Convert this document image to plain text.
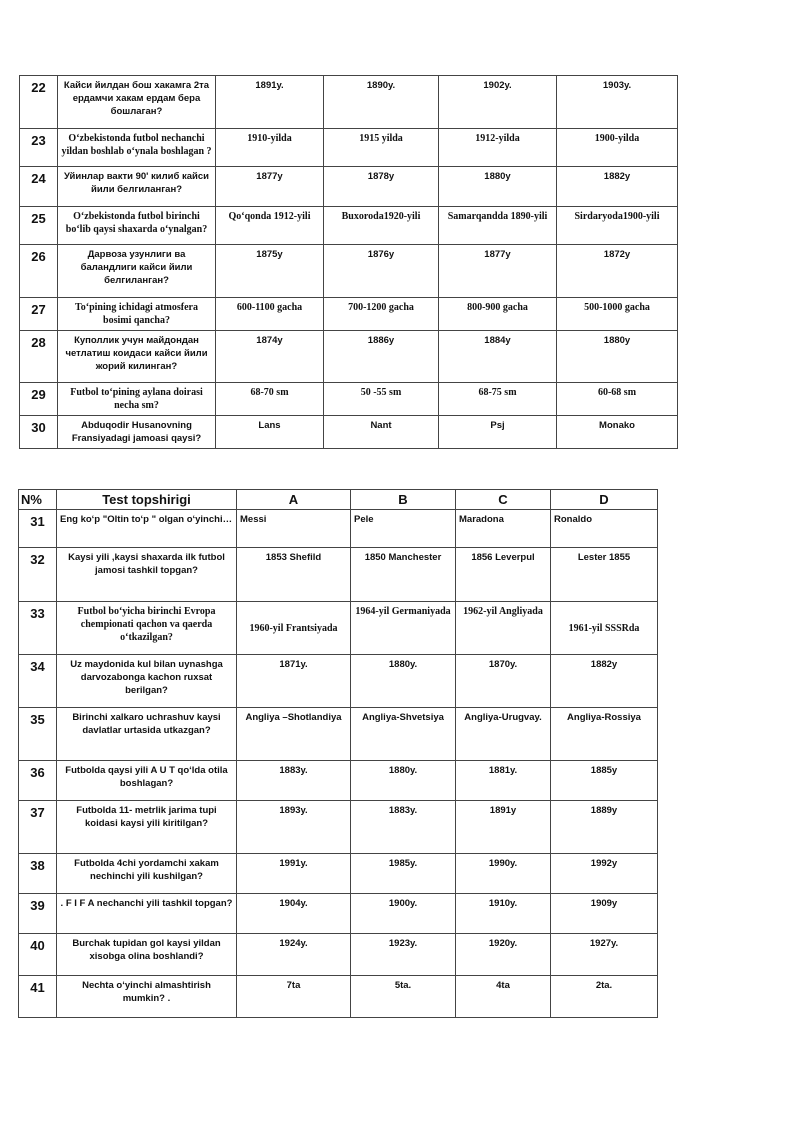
22	Кайси йилдан бош хакамга 2та ердамчи хакам ердам бера бошлаган?	1891у.	1890у.	1902у.	1903у.
23	O‘zbekistonda futbol nechanchi yildan boshlab o‘ynala boshlagan ?	1910-yilda	1915 yilda	1912-yilda	1900-yilda
24	Уйинлар вакти 90' килиб кайси йили белгиланган?	1877у	1878у	1880у	1882у
25	O‘zbekistonda futbol birinchi bo‘lib qaysi shaxarda o‘ynalgan?	Qo‘qonda 1912-yili	Buxoroda1920-yili	Samarqandda 1890-yili	Sirdaryoda1900-yili
26	Дарвоза узунлиги ва баландлиги кайси йили белгиланган?	1875у	1876у	1877у	1872у
27	To‘pining ichidagi atmosfera bosimi qancha?	600-1100 gacha	700-1200 gacha	800-900 gacha	500-1000 gacha
28	Куполлик учун майдондан четлатиш коидаси кайси йили жорий килинган?	1874у	1886у	1884у	1880у
29	Futbol to‘pining aylana doirasi necha sm?	68-70 sm	50 -55 sm	68-75 sm	60-68 sm
30	Abduqodir Husanovning Fransiyadagi jamoasi qaysi?	Lans	Nant	Psj	Monako
N%	Test topshirigi	A	B	C	D
31	Eng ko‘p "Oltin to‘p " olgan o‘yinchi…	Messi	Pele	Maradona	Ronaldo
32	Kaysi yili ,kaysi shaxarda ilk futbol jamosi tashkil topgan?	1853 Shefild	1850 Manchester	1856 Leverpul	Lester 1855
33	Futbol bo‘yicha birinchi Evropa chempionati qachon va qaerda o‘tkazilgan?	1960-yil Frantsiyada	1964-yil Germaniyada	1962-yil Angliyada	1961-yil SSSRda
34	Uz maydonida kul bilan uynashga darvozabonga kachon ruxsat berilgan?	1871у.	1880у.	1870у.	1882у
35	Birinchi xalkaro uchrashuv kaysi davlatlar urtasida utkazgan?	Angliya –Shotlandiya	Angliya-Shvetsiya	Angliya-Urugvay.	Angliya-Rossiya
36	Futbolda qaysi yili A U T qo‘lda otila boshlagan?	1883у.	1880у.	1881у.	1885у
37	Futbolda 11- metrlik jarima tupi koidasi kaysi yili kiritilgan?	1893у.	1883у.	1891у	1889у
38	Futbolda 4chi yordamchi xakam nechinchi yili kushilgan?	1991у.	1985у.	1990у.	1992у
39	. F I F A nechanchi yili tashkil topgan?	1904у.	1900у.	1910у.	1909у
40	Burchak tupidan gol kaysi yildan xisobga olina boshlandi?	1924у.	1923у.	1920у.	1927у.
41	Nechta o‘yinchi almashtirish mumkin? .	7ta	5ta.	4ta	2ta.
